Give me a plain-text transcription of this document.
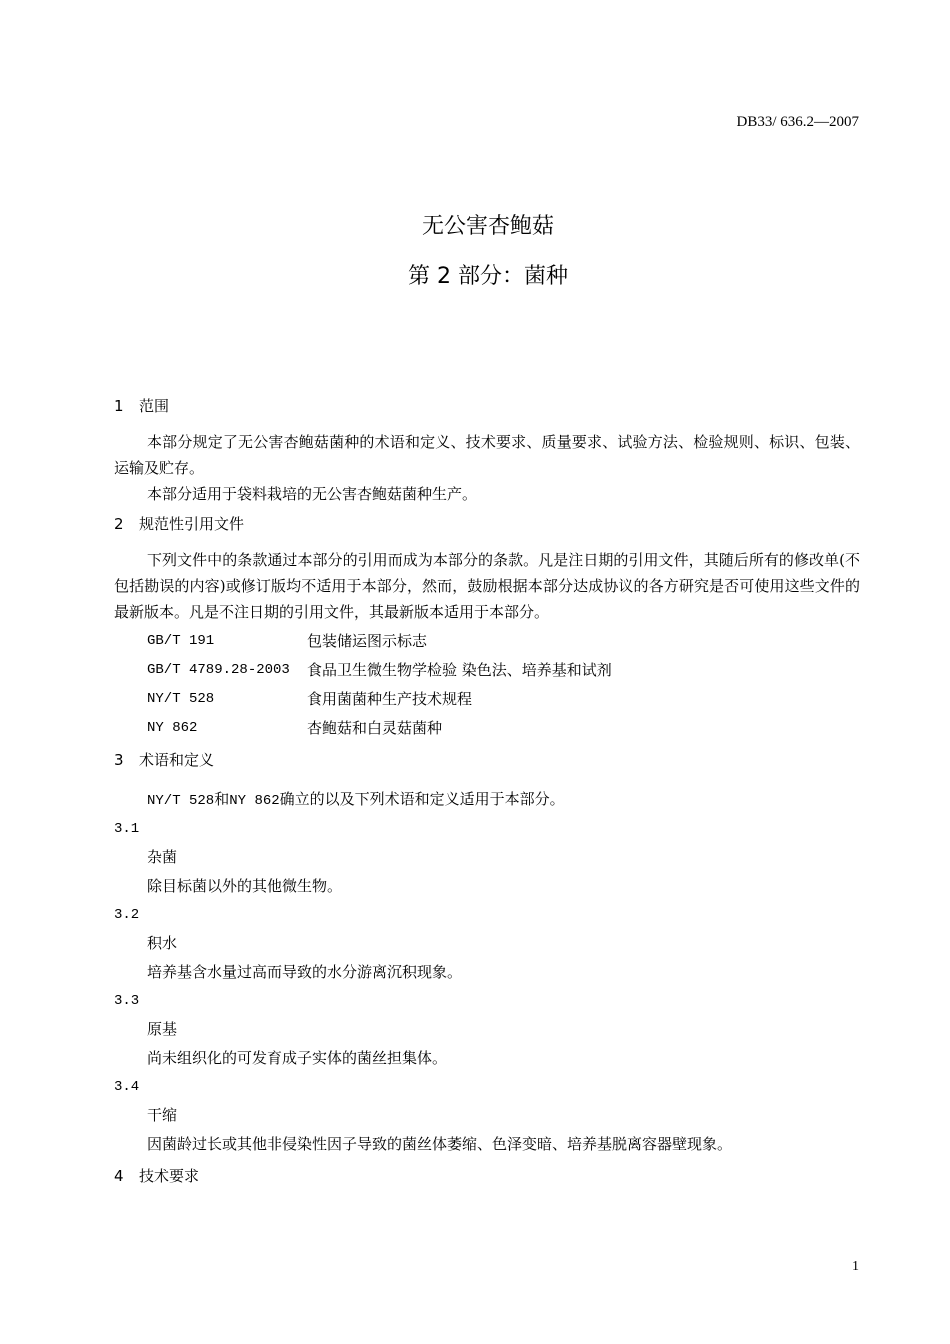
DB33/ 636.2—2007
无公害杏鲍菇
第 2 部分：菌种
1 范围
本部分规定了无公害杏鲍菇菌种的术语和定义、技术要求、质量要求、试验方法、检验规则、标识、包装、运输及贮存。
本部分适用于袋料栽培的无公害杏鲍菇菌种生产。
2 规范性引用文件
下列文件中的条款通过本部分的引用而成为本部分的条款。凡是注日期的引用文件，其随后所有的修改单(不包括勘误的内容)或修订版均不适用于本部分，然而，鼓励根据本部分达成协议的各方研究是否可使用这些文件的最新版本。凡是不注日期的引用文件，其最新版本适用于本部分。
GB/T 191	包装储运图示标志
GB/T 4789.28-2003	食品卫生微生物学检验 染色法、培养基和试剂
NY/T 528	食用菌菌种生产技术规程
NY 862	杏鲍菇和白灵菇菌种
3 术语和定义
NY/T 528和NY 862确立的以及下列术语和定义适用于本部分。
3.1
杂菌
除目标菌以外的其他微生物。
3.2
积水
培养基含水量过高而导致的水分游离沉积现象。
3.3
原基
尚未组织化的可发育成子实体的菌丝担集体。
3.4
干缩
因菌龄过长或其他非侵染性因子导致的菌丝体萎缩、色泽变暗、培养基脱离容器壁现象。
4 技术要求
1
